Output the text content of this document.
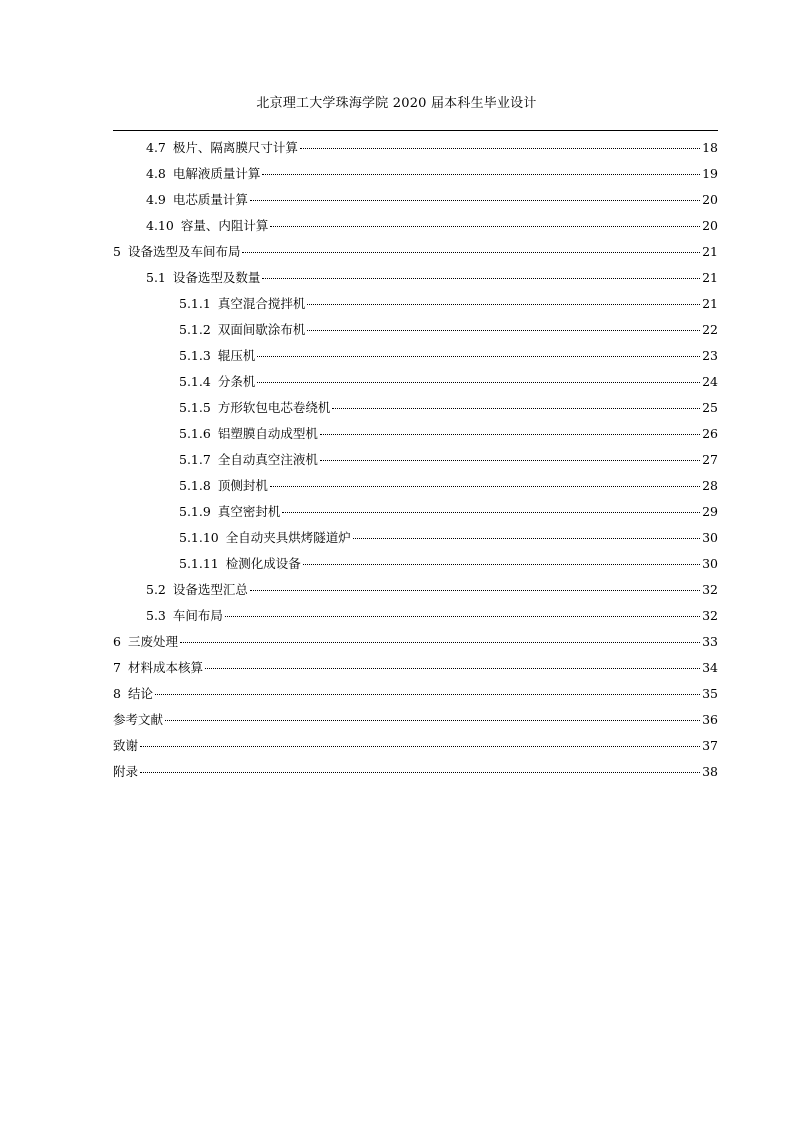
北京理工大学珠海学院 2020 届本科生毕业设计
4.7 极片、隔离膜尺寸计算	18
4.8 电解液质量计算	19
4.9 电芯质量计算	20
4.10 容量、内阻计算	20
5 设备选型及车间布局	21
5.1 设备选型及数量	21
5.1.1 真空混合搅拌机	21
5.1.2 双面间歇涂布机	22
5.1.3 辊压机	23
5.1.4 分条机	24
5.1.5 方形软包电芯卷绕机	25
5.1.6 铝塑膜自动成型机	26
5.1.7 全自动真空注液机	27
5.1.8 顶侧封机	28
5.1.9 真空密封机	29
5.1.10 全自动夹具烘烤隧道炉	30
5.1.11 检测化成设备	30
5.2 设备选型汇总	32
5.3 车间布局	32
6 三废处理	33
7 材料成本核算	34
8 结论	35
参考文献	36
致谢	37
附录	38
